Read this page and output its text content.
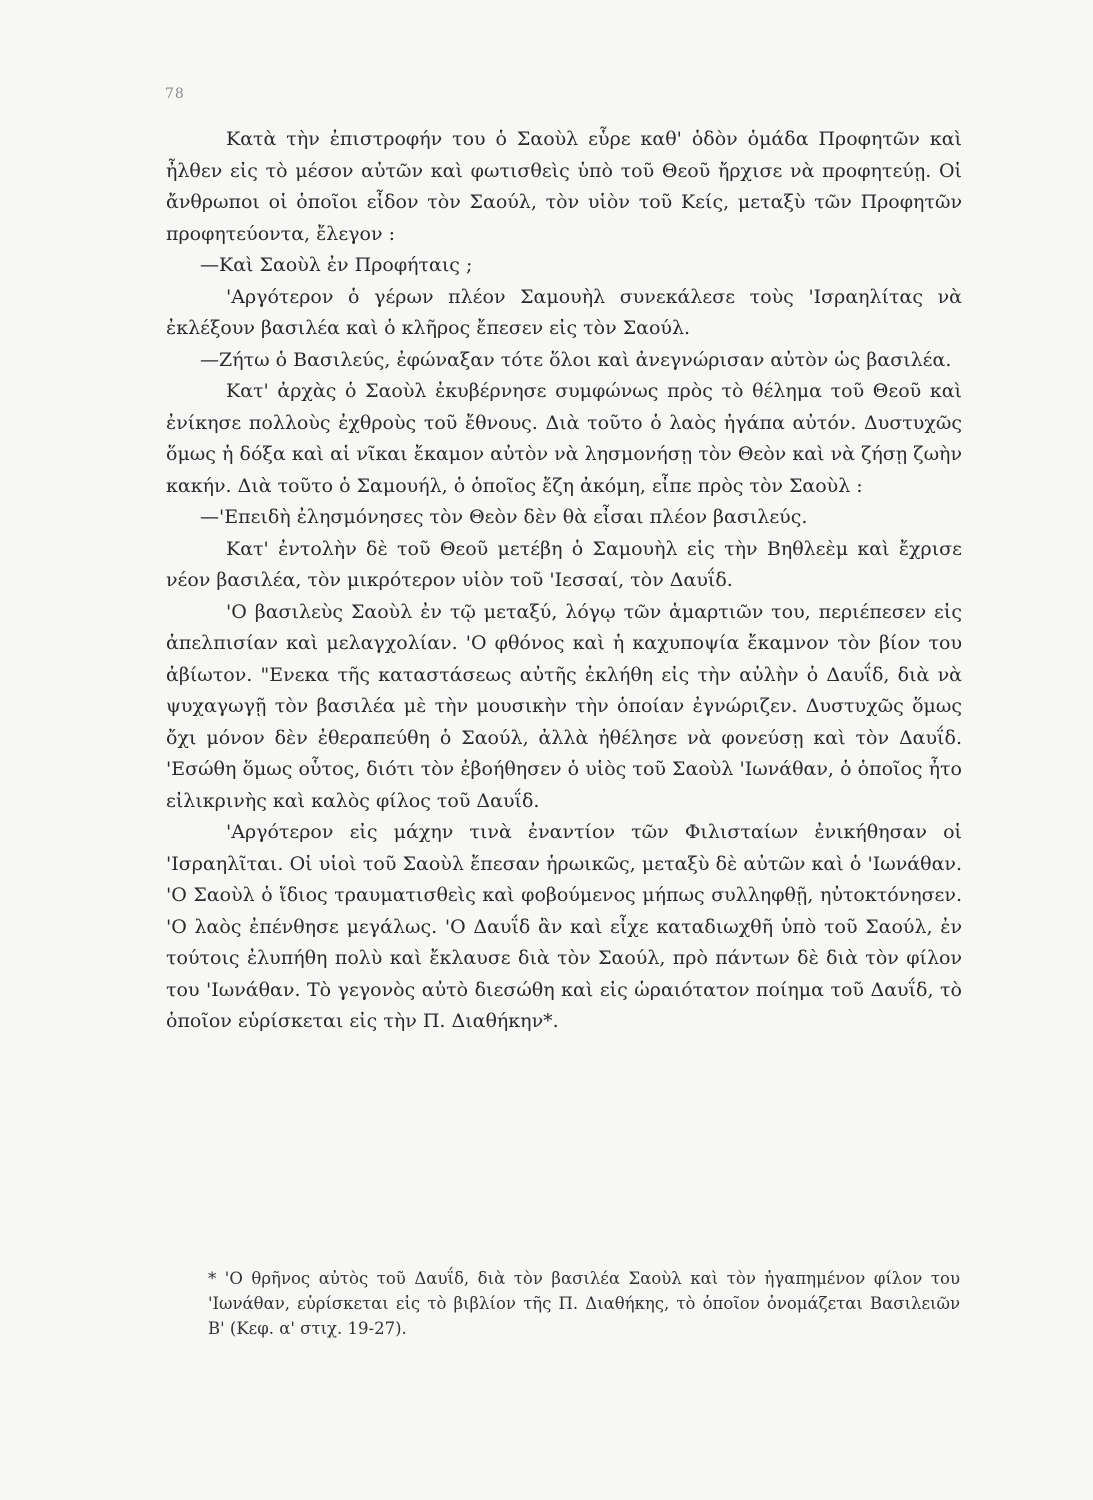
78

Κατὰ τὴν ἐπιστροφήν του ὁ Σαοὺλ εὗρε καθ' ὁδὸν ὁμάδα Προφητῶν καὶ ἦλθεν εἰς τὸ μέσον αὐτῶν καὶ φωτισθεὶς ὑπὸ τοῦ Θεοῦ ἤρχισε νὰ προφητεύῃ. Οἱ ἄνθρωποι οἱ ὁποῖοι εἶδον τὸν Σαούλ, τὸν υἱὸν τοῦ Κείς, μεταξὺ τῶν Προφητῶν προφητεύοντα, ἔλεγον :

—Καὶ Σαοὺλ ἐν Προφήταις ;

'Αργότερον ὁ γέρων πλέον Σαμουὴλ συνεκάλεσε τοὺς 'Ισραηλίτας νὰ ἐκλέξουν βασιλέα καὶ ὁ κλῆρος ἔπεσεν εἰς τὸν Σαούλ.

—Ζήτω ὁ Βασιλεύς, ἐφώναξαν τότε ὅλοι καὶ ἀνεγνώρισαν αὐτὸν ὡς βασιλέα.

Κατ' ἀρχὰς ὁ Σαοὺλ ἐκυβέρνησε συμφώνως πρὸς τὸ θέλημα τοῦ Θεοῦ καὶ ἐνίκησε πολλοὺς ἐχθροὺς τοῦ ἔθνους. Διὰ τοῦτο ὁ λαὸς ἠγάπα αὐτόν. Δυστυχῶς ὅμως ἡ δόξα καὶ αἱ νῖκαι ἔκαμον αὐτὸν νὰ λησμονήσῃ τὸν Θεὸν καὶ νὰ ζήσῃ ζωὴν κακήν. Διὰ τοῦτο ὁ Σαμουήλ, ὁ ὁποῖος ἔζη ἀκόμη, εἶπε πρὸς τὸν Σαοὺλ :

—'Επειδὴ ἐλησμόνησες τὸν Θεὸν δὲν θὰ εἶσαι πλέον βασιλεύς.

Κατ' ἐντολὴν δὲ τοῦ Θεοῦ μετέβη ὁ Σαμουὴλ εἰς τὴν Βηθλεὲμ καὶ ἔχρισε νέον βασιλέα, τὸν μικρότερον υἱὸν τοῦ 'Ιεσσαί, τὸν Δαυΐδ.

'Ο βασιλεὺς Σαοὺλ ἐν τῷ μεταξύ, λόγῳ τῶν ἁμαρτιῶν του, περιέπεσεν εἰς ἀπελπισίαν καὶ μελαγχολίαν. 'Ο φθόνος καὶ ἡ καχυποψία ἔκαμνον τὸν βίον του ἀβίωτον. "Ενεκα τῆς καταστάσεως αὐτῆς ἐκλήθη εἰς τὴν αὐλὴν ὁ Δαυΐδ, διὰ νὰ ψυχαγωγῇ τὸν βασιλέα μὲ τὴν μουσικὴν τὴν ὁποίαν ἐγνώριζεν. Δυστυχῶς ὅμως ὄχι μόνον δὲν ἐθεραπεύθη ὁ Σαούλ, ἀλλὰ ἠθέλησε νὰ φονεύσῃ καὶ τὸν Δαυΐδ. 'Εσώθη ὅμως οὗτος, διότι τὸν ἐβοήθησεν ὁ υἱὸς τοῦ Σαοὺλ 'Ιωνάθαν, ὁ ὁποῖος ἦτο εἰλικρινὴς καὶ καλὸς φίλος τοῦ Δαυΐδ.

'Αργότερον εἰς μάχην τινὰ ἐναντίον τῶν Φιλισταίων ἐνικήθησαν οἱ 'Ισραηλῖται. Οἱ υἱοὶ τοῦ Σαοὺλ ἔπεσαν ἡρωικῶς, μεταξὺ δὲ αὐτῶν καὶ ὁ 'Ιωνάθαν. 'Ο Σαοὺλ ὁ ἴδιος τραυματισθεὶς καὶ φοβούμενος μήπως συλληφθῇ, ηὐτοκτόνησεν. 'Ο λαὸς ἐπένθησε μεγάλως. 'Ο Δαυΐδ ἂν καὶ εἶχε καταδιωχθῆ ὑπὸ τοῦ Σαούλ, ἐν τούτοις ἐλυπήθη πολὺ καὶ ἔκλαυσε διὰ τὸν Σαούλ, πρὸ πάντων δὲ διὰ τὸν φίλον του 'Ιωνάθαν. Τὸ γεγονὸς αὐτὸ διεσώθη καὶ εἰς ὡραιότατον ποίημα τοῦ Δαυΐδ, τὸ ὁποῖον εὑρίσκεται εἰς τὴν Π. Διαθήκην*.

* 'Ο θρῆνος αὐτὸς τοῦ Δαυΐδ, διὰ τὸν βασιλέα Σαοὺλ καὶ τὸν ἠγαπημένον φίλον του 'Ιωνάθαν, εὑρίσκεται εἰς τὸ βιβλίον τῆς Π. Διαθήκης, τὸ ὁποῖον ὀνομάζεται Βασιλειῶν Β' (Κεφ. α' στιχ. 19-27).
